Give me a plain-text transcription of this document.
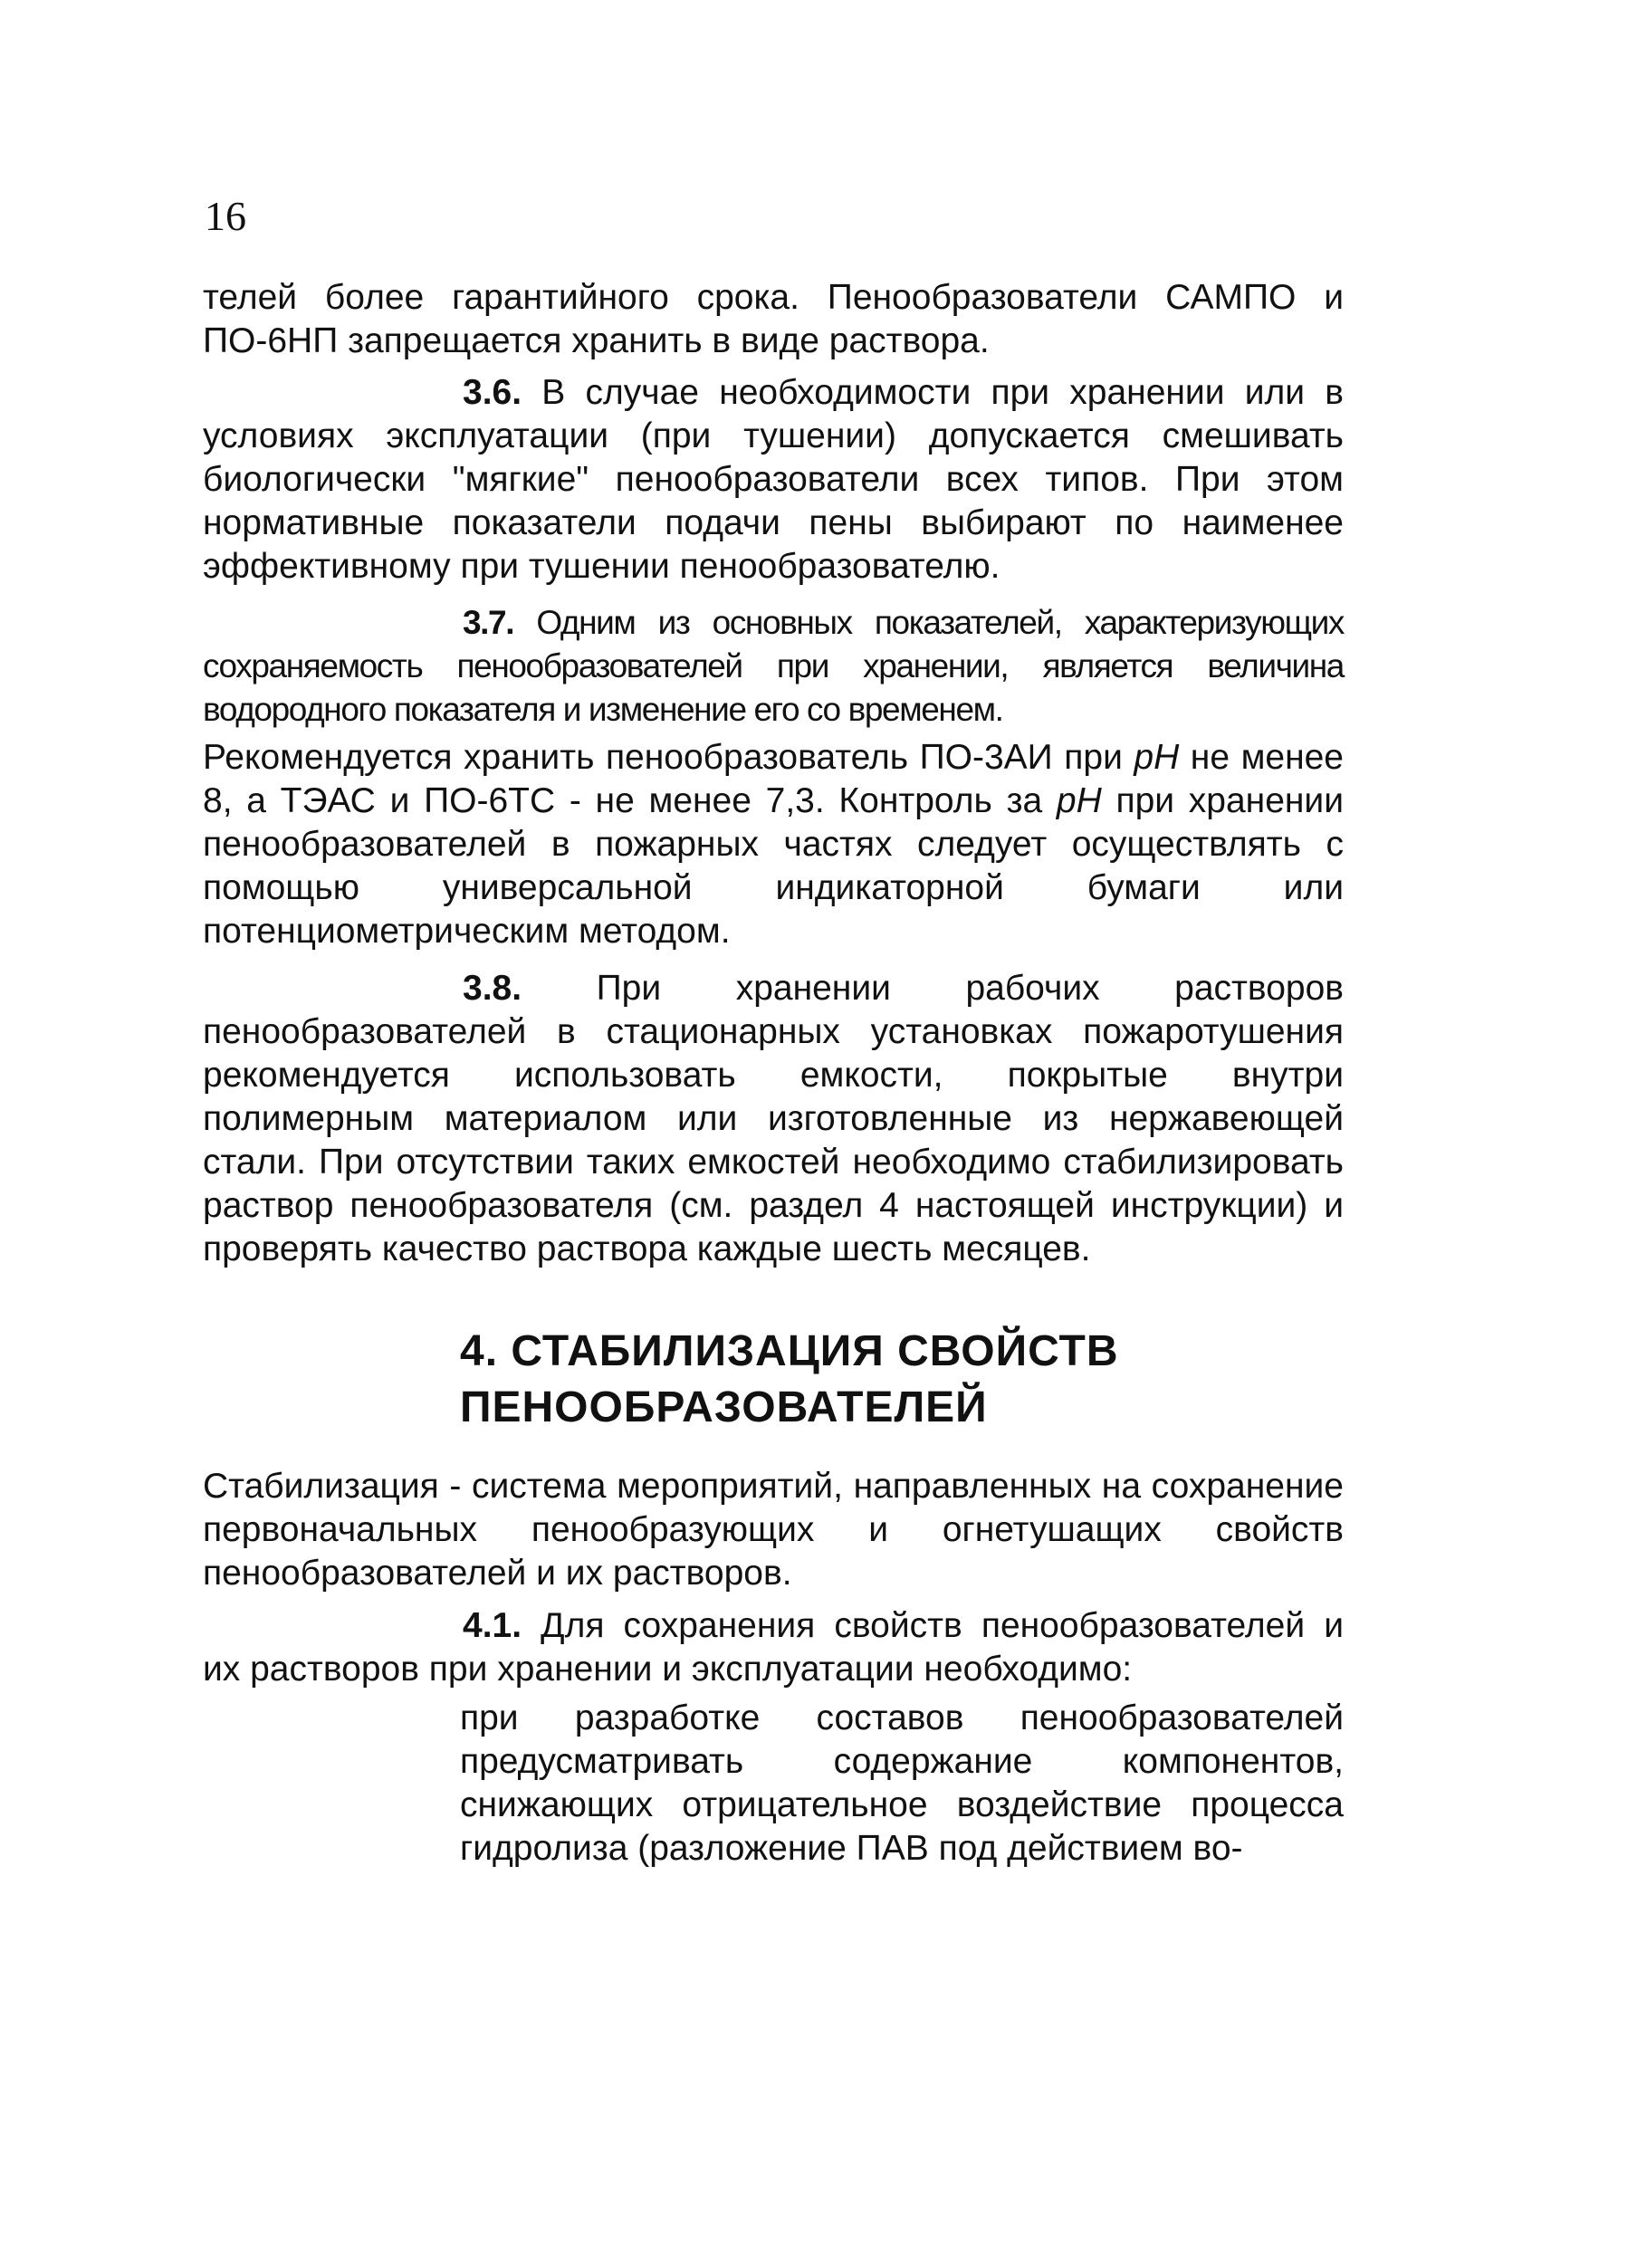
16

телей более гарантийного срока. Пенообразователи САМПО и ПО-6НП запрещается хранить в виде раствора.

3.6. В случае необходимости при хранении или в условиях эксплуатации (при тушении) допускается смешивать биологически "мягкие" пенообразователи всех типов. При этом нормативные показатели подачи пены выбирают по наименее эффективному при тушении пенообразователю.

3.7. Одним из основных показателей, характеризующих сохраняемость пенообразователей при хранении, является величина водородного показателя и изменение его со временем.

Рекомендуется хранить пенообразователь ПО-3АИ при pH не менее 8, а ТЭАС и ПО-6ТС - не менее 7,3. Контроль за pH при хранении пенообразователей в пожарных частях следует осуществлять с помощью универсальной индикаторной бумаги или потенциометрическим методом.

3.8. При хранении рабочих растворов пенообразователей в стационарных установках пожаротушения рекомендуется использовать емкости, покрытые внутри полимерным материалом или изготовленные из нержавеющей стали. При отсутствии таких емкостей необходимо стабилизировать раствор пенообразователя (см. раздел 4 настоящей инструкции) и проверять качество раствора каждые шесть месяцев.

4. СТАБИЛИЗАЦИЯ СВОЙСТВ
ПЕНООБРАЗОВАТЕЛЕЙ

Стабилизация - система мероприятий, направленных на сохранение первоначальных пенообразующих и огнетушащих свойств пенообразователей и их растворов.

4.1. Для сохранения свойств пенообразователей и их растворов при хранении и эксплуатации необходимо:

при разработке составов пенообразователей предусматривать содержание компонентов, снижающих отрицательное воздействие процесса гидролиза (разложение ПАВ под действием во-
